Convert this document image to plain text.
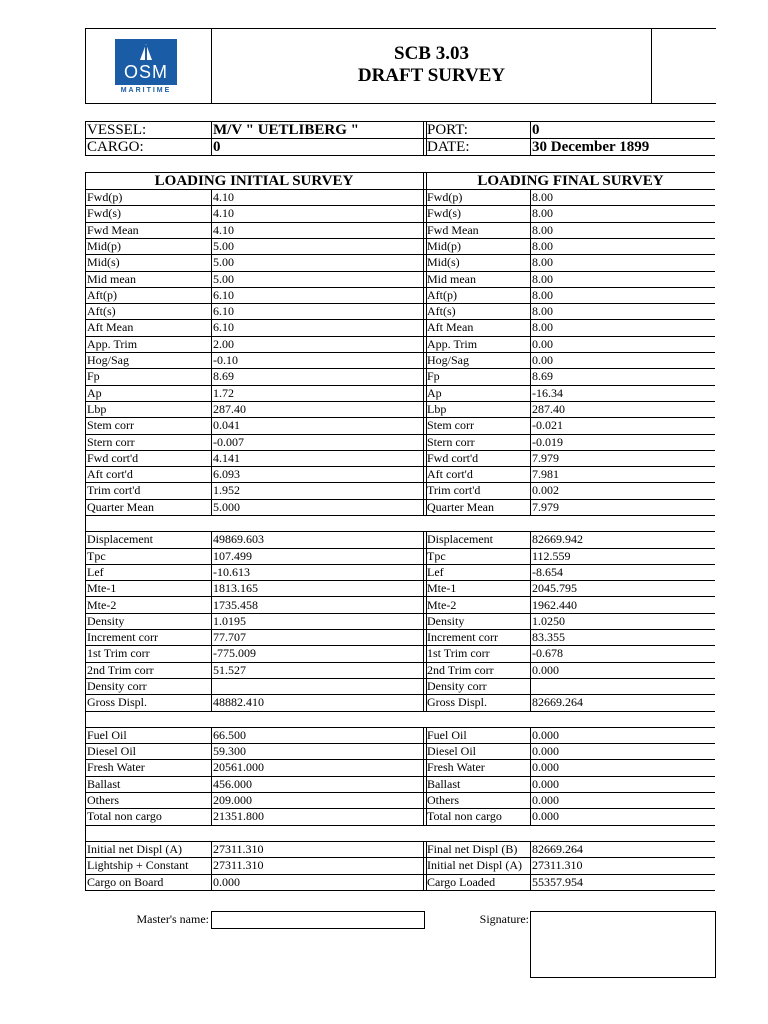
OSM
MARITIME
SCB 3.03
DRAFT SURVEY
VESSEL:	M/V " UETLIBERG "	PORT:	0
CARGO:	0	DATE:	30 December 1899
LOADING INITIAL SURVEY	LOADING FINAL SURVEY
Fwd(p)	4.10	Fwd(p)	8.00
Fwd(s)	4.10	Fwd(s)	8.00
Fwd Mean	4.10	Fwd Mean	8.00
Mid(p)	5.00	Mid(p)	8.00
Mid(s)	5.00	Mid(s)	8.00
Mid mean	5.00	Mid mean	8.00
Aft(p)	6.10	Aft(p)	8.00
Aft(s)	6.10	Aft(s)	8.00
Aft Mean	6.10	Aft Mean	8.00
App. Trim	2.00	App. Trim	0.00
Hog/Sag	-0.10	Hog/Sag	0.00
Fp	8.69	Fp	8.69
Ap	1.72	Ap	-16.34
Lbp	287.40	Lbp	287.40
Stem corr	0.041	Stem corr	-0.021
Stern corr	-0.007	Stern corr	-0.019
Fwd cort'd	4.141	Fwd cort'd	7.979
Aft cort'd	6.093	Aft cort'd	7.981
Trim cort'd	1.952	Trim cort'd	0.002
Quarter Mean	5.000	Quarter Mean	7.979
Displacement	49869.603	Displacement	82669.942
Tpc	107.499	Tpc	112.559
Lef	-10.613	Lef	-8.654
Mte-1	1813.165	Mte-1	2045.795
Mte-2	1735.458	Mte-2	1962.440
Density	1.0195	Density	1.0250
Increment corr	77.707	Increment corr	83.355
1st Trim corr	-775.009	1st Trim corr	-0.678
2nd Trim corr	51.527	2nd Trim corr	0.000
Density corr	Density corr
Gross Displ.	48882.410	Gross Displ.	82669.264
Fuel Oil	66.500	Fuel Oil	0.000
Diesel Oil	59.300	Diesel Oil	0.000
Fresh Water	20561.000	Fresh Water	0.000
Ballast	456.000	Ballast	0.000
Others	209.000	Others	0.000
Total non cargo	21351.800	Total non cargo	0.000
Initial net Displ (A)	27311.310	Final net Displ (B) 82669.264
Lightship + Constant 27311.310	Initial net Displ (A) 27311.310
Cargo on Board	0.000	Cargo Loaded	55357.954
Master's name:	Signature:
